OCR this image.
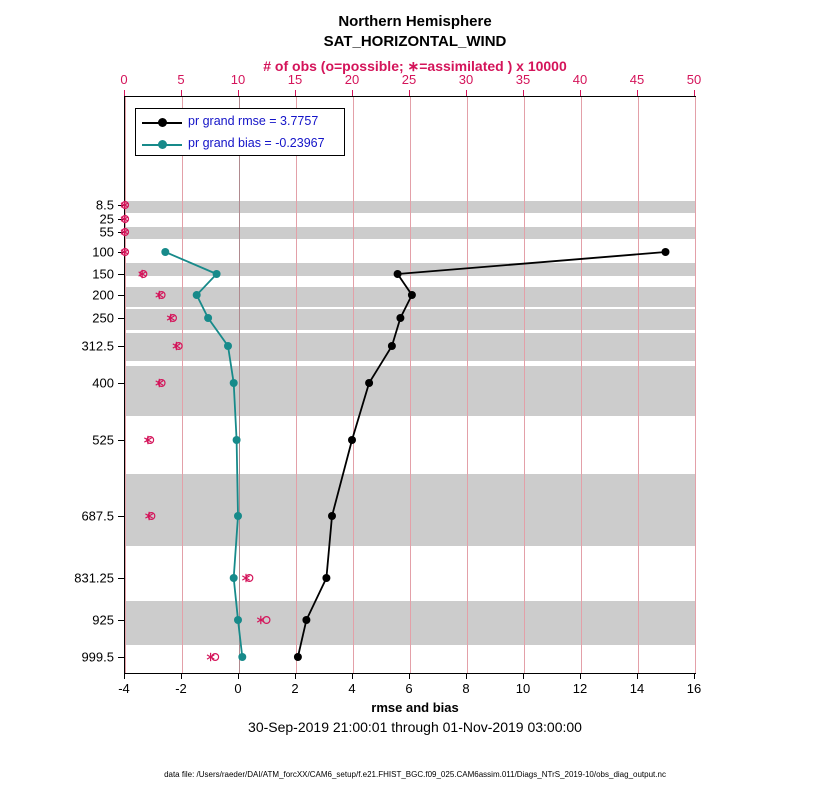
Northern Hemisphere
SAT_HORIZONTAL_WIND
# of obs (o=possible; ∗=assimilated ) x 10000
8.5
25
55
100
150
200
250
312.5
400
525
687.5
831.25
925
999.5
rmse and bias
30-Sep-2019 21:00:01 through 01-Nov-2019 03:00:00
data file: /Users/raeder/DAI/ATM_forcXX/CAM6_setup/f.e21.FHIST_BGC.f09_025.CAM6assim.011/Diags_NTrS_2019-10/obs_diag_output.nc
pr grand rmse = 3.7757
pr grand bias = -0.23967
-4	-2	0	2	4	6	8	10	12	14	16
0	5	10	15	20	25	30	35	40	45	50
